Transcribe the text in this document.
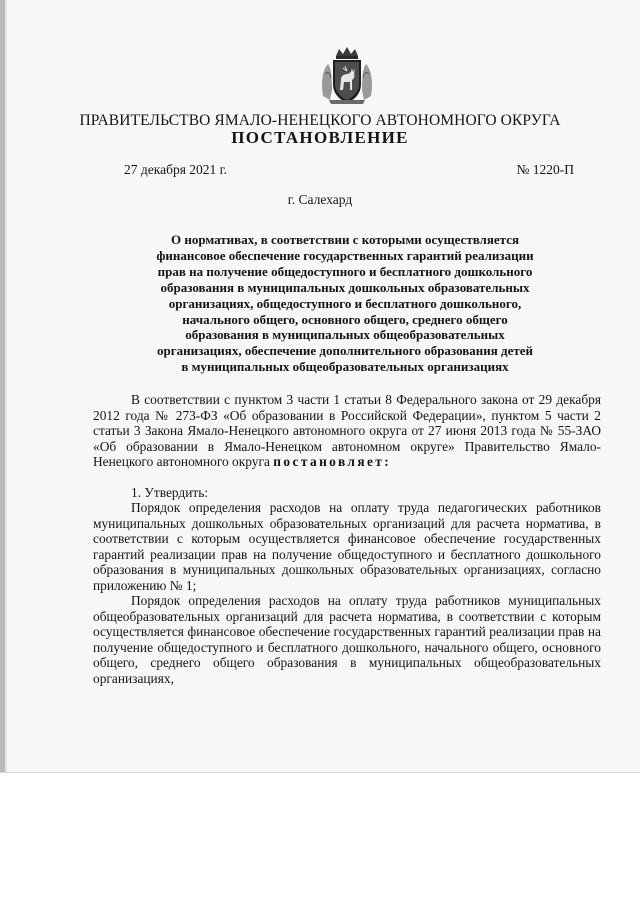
ПРАВИТЕЛЬСТВО ЯМАЛО-НЕНЕЦКОГО АВТОНОМНОГО ОКРУГА
ПОСТАНОВЛЕНИЕ
27 декабря 2021 г.	№ 1220-П
г. Салехард
О нормативах, в соответствии с которыми осуществляется
финансовое обеспечение государственных гарантий реализации
прав на получение общедоступного и бесплатного дошкольного
образования в муниципальных дошкольных образовательных
организациях, общедоступного и бесплатного дошкольного,
начального общего, основного общего, среднего общего
образования в муниципальных общеобразовательных
организациях, обеспечение дополнительного образования детей
в муниципальных общеобразовательных организациях

В соответствии с пунктом 3 части 1 статьи 8 Федерального закона от 29 декабря 2012 года № 273-ФЗ «Об образовании в Российской Федерации», пунктом 5 части 2 статьи 3 Закона Ямало-Ненецкого автономного округа от 27 июня 2013 года № 55-ЗАО «Об образовании в Ямало-Ненецком автономном округе» Правительство Ямало-Ненецкого автономного округа постановляет:

1. Утвердить:

Порядок определения расходов на оплату труда педагогических работников муниципальных дошкольных образовательных организаций для расчета норматива, в соответствии с которым осуществляется финансовое обеспечение государственных гарантий реализации прав на получение общедоступного и бесплатного дошкольного образования в муниципальных дошкольных образовательных организациях, согласно приложению № 1;

Порядок определения расходов на оплату труда работников муниципальных общеобразовательных организаций для расчета норматива, в соответствии с которым осуществляется финансовое обеспечение государственных гарантий реализации прав на получение общедоступного и бесплатного дошкольного, начального общего, основного общего, среднего общего образования в муниципальных общеобразовательных организациях,
